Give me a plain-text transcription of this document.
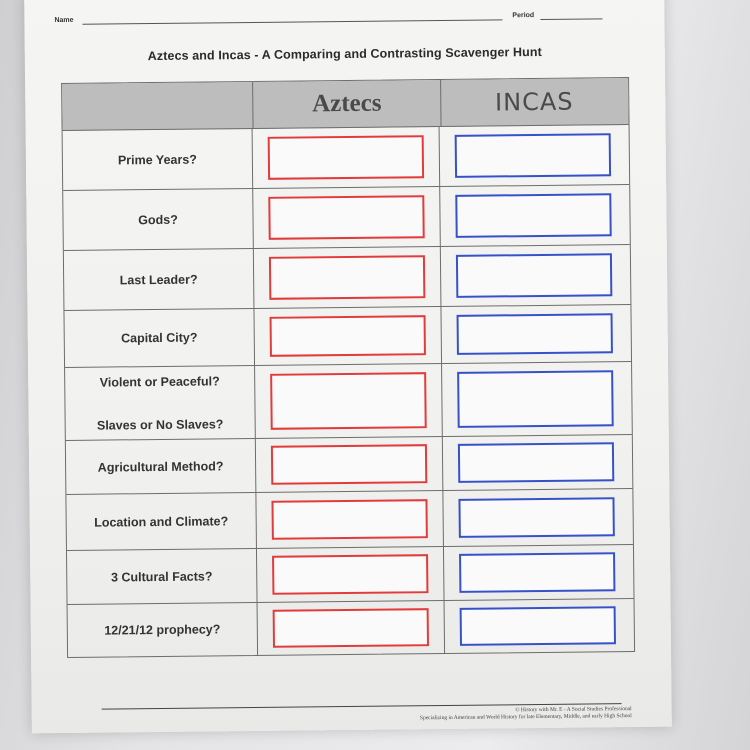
Name
Period
Aztecs and Incas - A Comparing and Contrasting Scavenger Hunt
Aztecs	INCAS
Prime Years?
Gods?
Last Leader?
Capital City?
Violent or Peaceful?
Slaves or No Slaves?
Agricultural Method?
Location and Climate?
3 Cultural Facts?
12/21/12 prophecy?
© History with Mr. E - A Social Studies Professional
Specializing in American and World History for late Elementary, Middle, and early High School
